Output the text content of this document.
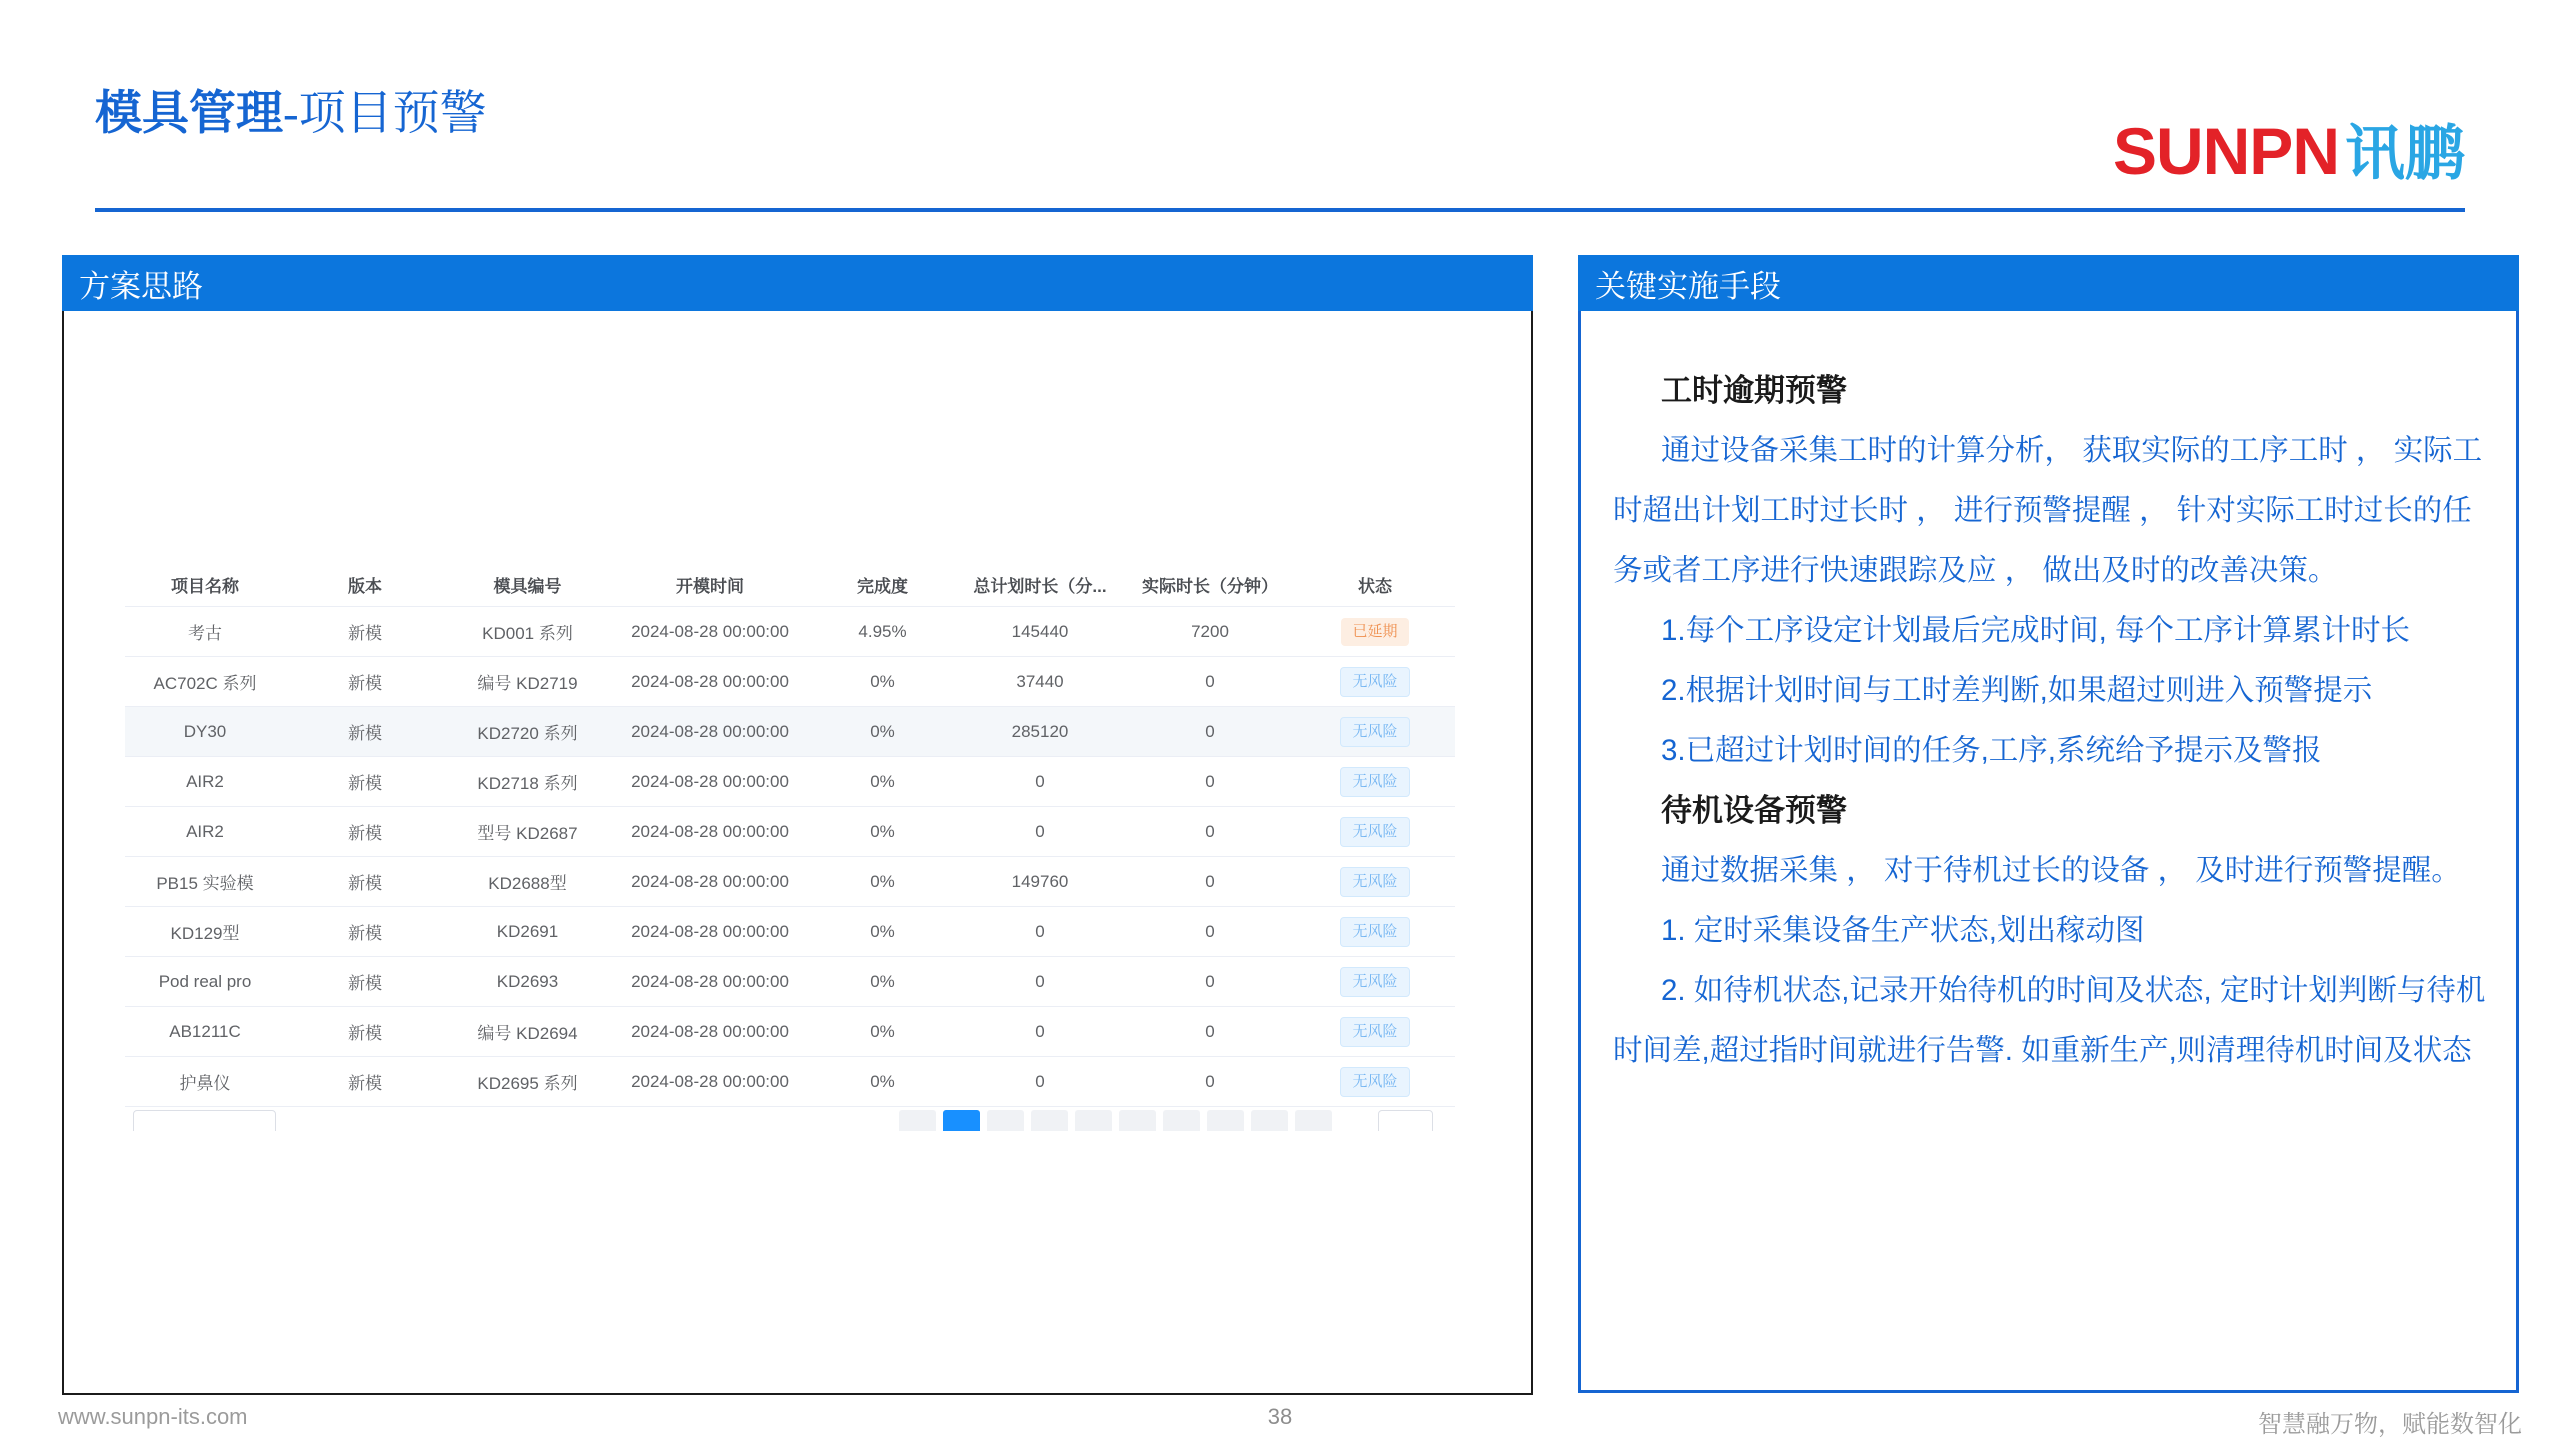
模具管理-项目预警	SUNPN 讯鹏
方案思路
项目名称	版本	模具编号	开模时间	完成度	总计划时长（分...	实际时长（分钟）	状态
考古	新模	KD001 系列	2024-08-28 00:00:00	4.95%	145440	7200	已延期
AC702C 系列	新模	编号 KD2719	2024-08-28 00:00:00	0%	37440	0	无风险
DY30	新模	KD2720 系列	2024-08-28 00:00:00	0%	285120	0	无风险
AIR2	新模	KD2718 系列	2024-08-28 00:00:00	0%	0	0	无风险
AIR2	新模	型号 KD2687	2024-08-28 00:00:00	0%	0	0	无风险
PB15 实验模	新模	KD2688型	2024-08-28 00:00:00	0%	149760	0	无风险
KD129型	新模	KD2691	2024-08-28 00:00:00	0%	0	0	无风险
Pod real pro	新模	KD2693	2024-08-28 00:00:00	0%	0	0	无风险
AB1211C	新模	编号 KD2694	2024-08-28 00:00:00	0%	0	0	无风险
护鼻仪	新模	KD2695 系列	2024-08-28 00:00:00	0%	0	0	无风险
关键实施手段

工时逾期预警

通过设备采集工时的计算分析， 获取实际的工序工时 ， 实际工时超出计划工时过长时 ， 进行预警提醒 ， 针对实际工时过长的任务或者工序进行快速跟踪及应 ， 做出及时的改善决策。

1.每个工序设定计划最后完成时间, 每个工序计算累计时长

2.根据计划时间与工时差判断,如果超过则进入预警提示

3.已超过计划时间的任务,工序,系统给予提示及警报

待机设备预警

通过数据采集 ， 对于待机过长的设备 ， 及时进行预警提醒。

1. 定时采集设备生产状态,划出稼动图

2. 如待机状态,记录开始待机的时间及状态, 定时计划判断与待机时间差,超过指时间就进行告警. 如重新生产,则清理待机时间及状态

www.sunpn-its.com	38	智慧融万物，赋能数智化
